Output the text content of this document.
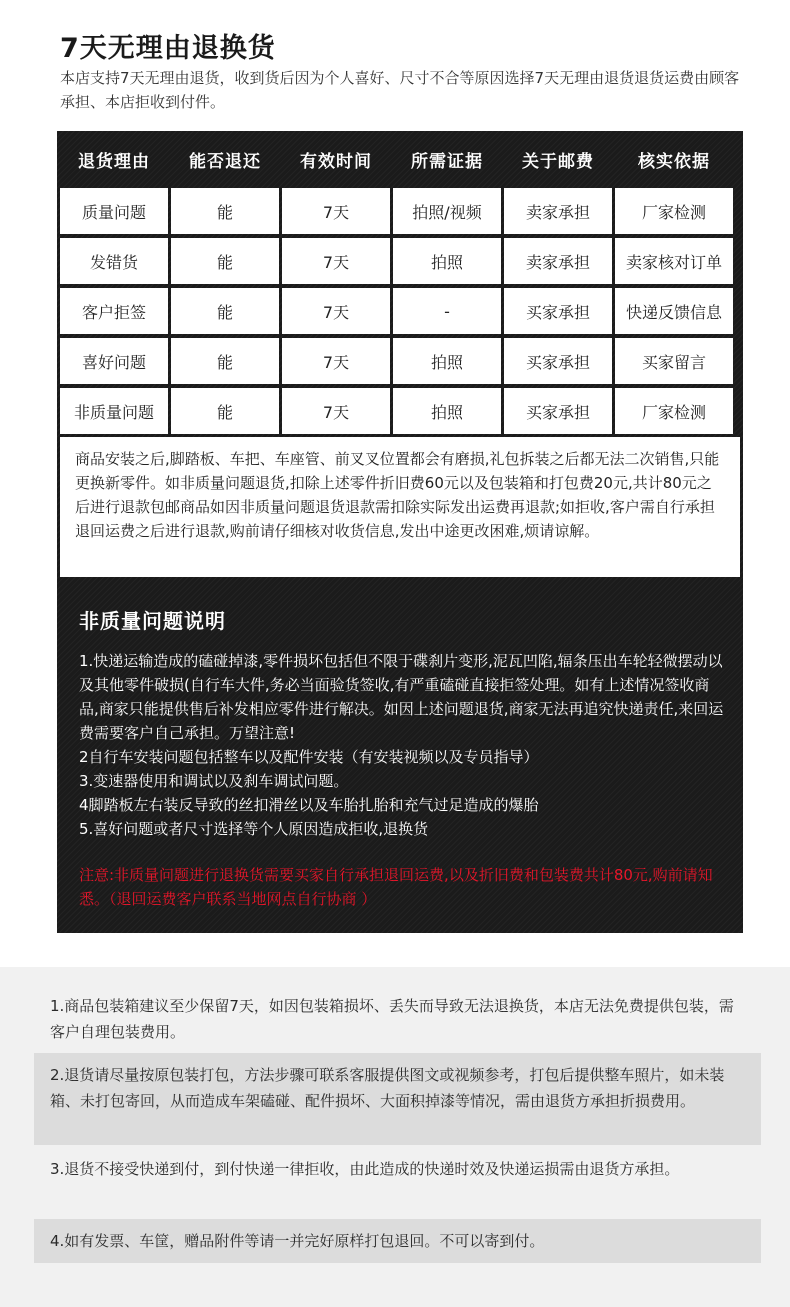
7天无理由退换货
本店支持7天无理由退货，收到货后因为个人喜好、尺寸不合等原因选择7天无理由退货退货运费由顾客承担、本店拒收到付件。
退货理由	能否退还	有效时间	所需证据	关于邮费	核实依据
质量问题	能	7天	拍照/视频	卖家承担	厂家检测
发错货	能	7天	拍照	卖家承担	卖家核对订单
客户拒签	能	7天	-	买家承担	快递反馈信息
喜好问题	能	7天	拍照	买家承担	买家留言
非质量问题	能	7天	拍照	买家承担	厂家检测
商品安装之后,脚踏板、车把、车座管、前叉叉位置都会有磨损,礼包拆装之后都无法二次销售,只能更换新零件。如非质量问题退货,扣除上述零件折旧费60元以及包装箱和打包费20元,共计80元之后进行退款包邮商品如因非质量问题退货退款需扣除实际发出运费再退款;如拒收,客户需自行承担退回运费之后进行退款,购前请仔细核对收货信息,发出中途更改困难,烦请谅解。
非质量问题说明
1.快递运输造成的磕碰掉漆,零件损坏包括但不限于碟刹片变形,泥瓦凹陷,辐条压出车轮轻微摆动以及其他零件破损(自行车大件,务必当面验货签收,有严重磕碰直接拒签处理。如有上述情况签收商品,商家只能提供售后补发相应零件进行解决。如因上述问题退货,商家无法再追究快递责任,来回运费需要客户自己承担。万望注意!
2自行车安装问题包括整车以及配件安装（有安装视频以及专员指导）
3.变速器使用和调试以及刹车调试问题。
4脚踏板左右装反导致的丝扣滑丝以及车胎扎胎和充气过足造成的爆胎
5.喜好问题或者尺寸选择等个人原因造成拒收,退换货
注意:非质量问题进行退换货需要买家自行承担退回运费,以及折旧费和包装费共计80元,购前请知悉。（退回运费客户联系当地网点自行协商 ）
1.商品包装箱建议至少保留7天，如因包装箱损坏、丢失而导致无法退换货，本店无法免费提供包装，需客户自理包装费用。
2.退货请尽量按原包装打包，方法步骤可联系客服提供图文或视频参考，打包后提供整车照片，如未装箱、未打包寄回，从而造成车架磕碰、配件损坏、大面积掉漆等情况，需由退货方承担折损费用。
3.退货不接受快递到付，到付快递一律拒收，由此造成的快递时效及快递运损需由退货方承担。
4.如有发票、车筐，赠品附件等请一并完好原样打包退回。不可以寄到付。
